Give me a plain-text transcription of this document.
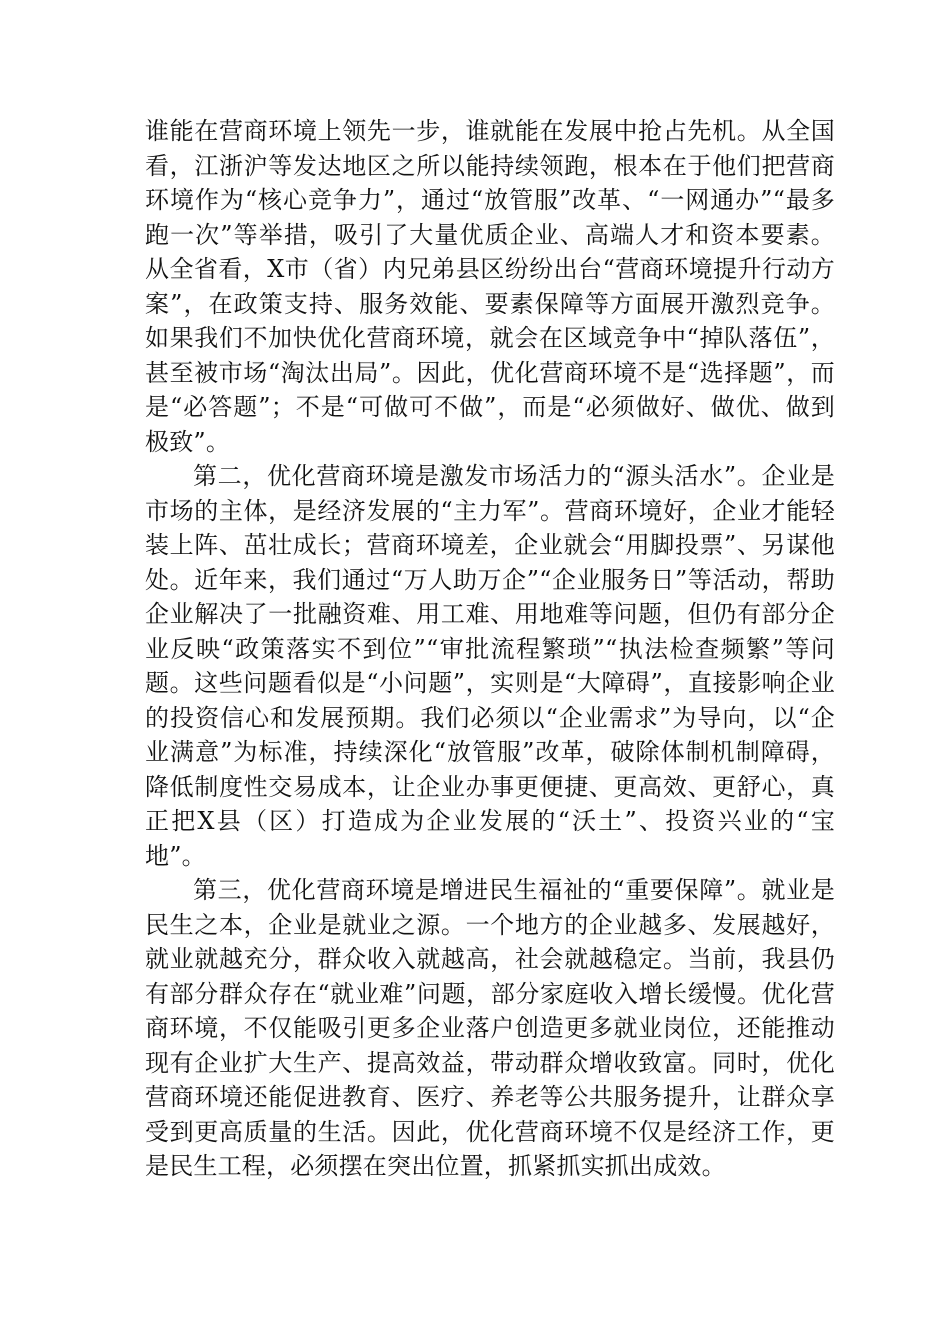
谁能在营商环境上领先一步，谁就能在发展中抢占先机。从全国看，江浙沪等发达地区之所以能持续领跑，根本在于他们把营商环境作为“核心竞争力”，通过“放管服”改革、“一网通办”“最多跑一次”等举措，吸引了大量优质企业、高端人才和资本要素。从全省看，X市（省）内兄弟县区纷纷出台“营商环境提升行动方案”，在政策支持、服务效能、要素保障等方面展开激烈竞争。如果我们不加快优化营商环境，就会在区域竞争中“掉队落伍”，甚至被市场“淘汰出局”。因此，优化营商环境不是“选择题”，而是“必答题”；不是“可做可不做”，而是“必须做好、做优、做到极致”。

第二，优化营商环境是激发市场活力的“源头活水”。企业是市场的主体，是经济发展的“主力军”。营商环境好，企业才能轻装上阵、茁壮成长；营商环境差，企业就会“用脚投票”、另谋他处。近年来，我们通过“万人助万企”“企业服务日”等活动，帮助企业解决了一批融资难、用工难、用地难等问题，但仍有部分企业反映“政策落实不到位”“审批流程繁琐”“执法检查频繁”等问题。这些问题看似是“小问题”，实则是“大障碍”，直接影响企业的投资信心和发展预期。我们必须以“企业需求”为导向，以“企业满意”为标准，持续深化“放管服”改革，破除体制机制障碍，降低制度性交易成本，让企业办事更便捷、更高效、更舒心，真正把X县（区）打造成为企业发展的“沃土”、投资兴业的“宝地”。

第三，优化营商环境是增进民生福祉的“重要保障”。就业是民生之本，企业是就业之源。一个地方的企业越多、发展越好，就业就越充分，群众收入就越高，社会就越稳定。当前，我县仍有部分群众存在“就业难”问题，部分家庭收入增长缓慢。优化营商环境，不仅能吸引更多企业落户创造更多就业岗位，还能推动现有企业扩大生产、提高效益，带动群众增收致富。同时，优化营商环境还能促进教育、医疗、养老等公共服务提升，让群众享受到更高质量的生活。因此，优化营商环境不仅是经济工作，更是民生工程，必须摆在突出位置，抓紧抓实抓出成效。
